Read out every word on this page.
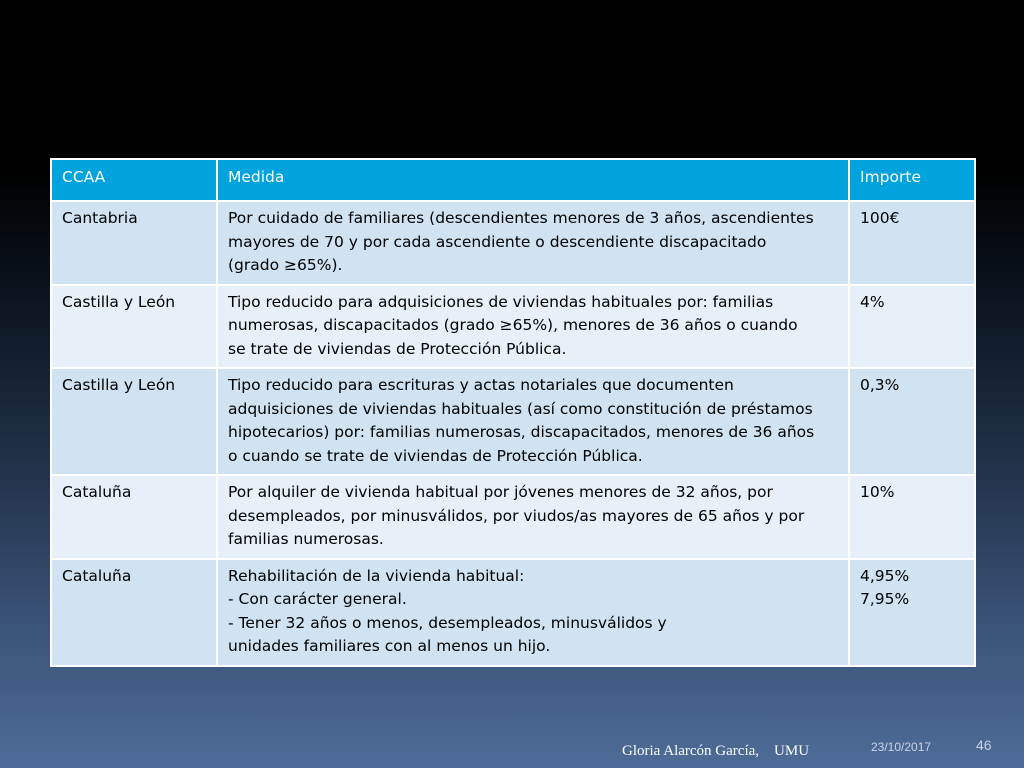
CCAA	Medida	Importe
Cantabria	Por cuidado de familiares (descendientes menores de 3 años, ascendientes
mayores de 70 y por cada ascendiente o descendiente discapacitado
(grado ≥65%).	100€

Castilla y León	Tipo reducido para adquisiciones de viviendas habituales por: familias
numerosas, discapacitados (grado ≥65%), menores de 36 años o cuando
se trate de viviendas de Protección Pública.	4%

Castilla y León	Tipo reducido para escrituras y actas notariales que documenten
adquisiciones de viviendas habituales (así como constitución de préstamos
hipotecarios) por: familias numerosas, discapacitados, menores de 36 años
o cuando se trate de viviendas de Protección Pública.	0,3%

Cataluña	Por alquiler de vivienda habitual por jóvenes menores de 32 años, por
desempleados, por minusválidos, por viudos/as mayores de 65 años y por
familias numerosas.	10%

Cataluña	Rehabilitación de la vivienda habitual:
- Con carácter general.
- Tener 32 años o menos, desempleados, minusválidos y
unidades familiares con al menos un hijo.	4,95%
7,95%
Gloria Alarcón García,    UMU	23/10/2017	46
